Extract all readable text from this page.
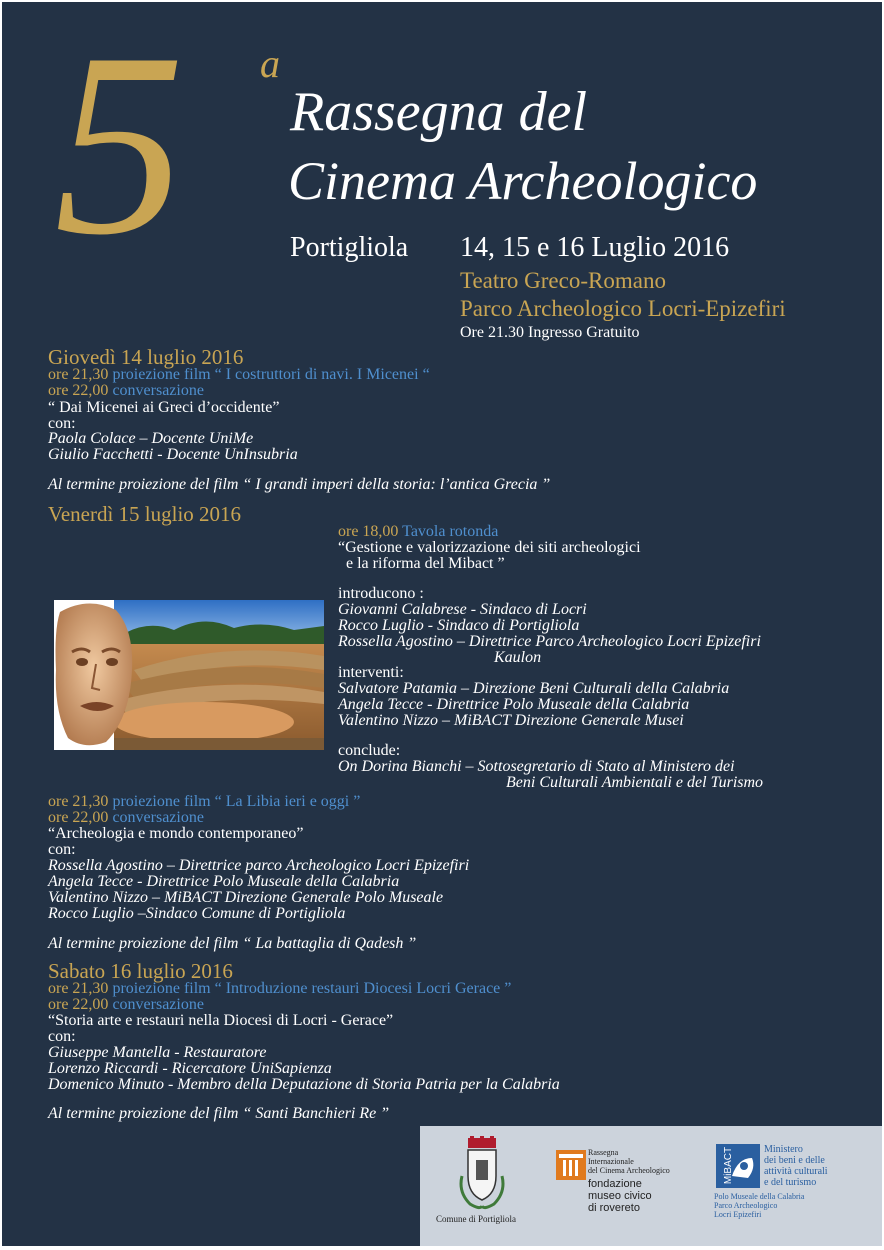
5 a
Rassegna del
Cinema Archeologico
Portigliola 14, 15 e 16 Luglio 2016
Teatro Greco-Romano
Parco Archeologico Locri-Epizefiri
Ore 21.30 Ingresso Gratuito
Giovedì 14 luglio 2016
ore 21,30 proiezione film “ I costruttori di navi. I Micenei “
ore 22,00 conversazione
“ Dai Micenei ai Greci d’occidente”
con:
Paola Colace – Docente UniMe
Giulio Facchetti - Docente UnInsubria
Al termine proiezione del film “ I grandi imperi della storia: l’antica Grecia ”
Venerdì 15 luglio 2016
ore 18,00 Tavola rotonda
“Gestione e valorizzazione dei siti archeologici
e la riforma del Mibact ”
introducono :
Giovanni Calabrese - Sindaco di Locri
Rocco Luglio - Sindaco di Portigliola
Rossella Agostino – Direttrice Parco Archeologico Locri Epizefiri
Kaulon
interventi:
Salvatore Patamia – Direzione Beni Culturali della Calabria
Angela Tecce - Direttrice Polo Museale della Calabria
Valentino Nizzo – MiBACT Direzione Generale Musei
conclude:
On Dorina Bianchi – Sottosegretario di Stato al Ministero dei
Beni Culturali Ambientali e del Turismo
ore 21,30 proiezione film “ La Libia ieri e oggi ”
ore 22,00 conversazione
“Archeologia e mondo contemporaneo”
con:
Rossella Agostino – Direttrice parco Archeologico Locri Epizefiri
Angela Tecce - Direttrice Polo Museale della Calabria
Valentino Nizzo – MiBACT Direzione Generale Polo Museale
Rocco Luglio –Sindaco Comune di Portigliola
Al termine proiezione del film “ La battaglia di Qadesh ”
Sabato 16 luglio 2016
ore 21,30 proiezione film “ Introduzione restauri Diocesi Locri Gerace ”
ore 22,00 conversazione
“Storia arte e restauri nella Diocesi di Locri - Gerace”
con:
Giuseppe Mantella - Restauratore
Lorenzo Riccardi - Ricercatore UniSapienza
Domenico Minuto - Membro della Deputazione di Storia Patria per la Calabria
Al termine proiezione del film “ Santi Banchieri Re ”
Comune di Portigliola
Rassegna
Internazionale
del Cinema Archeologico
fondazione
museo civico
di rovereto
MiBACT	Ministero
dei beni e delle
attività culturali
e del turismo
Polo Museale della Calabria
Parco Archeologico
Locri Epizefiri
